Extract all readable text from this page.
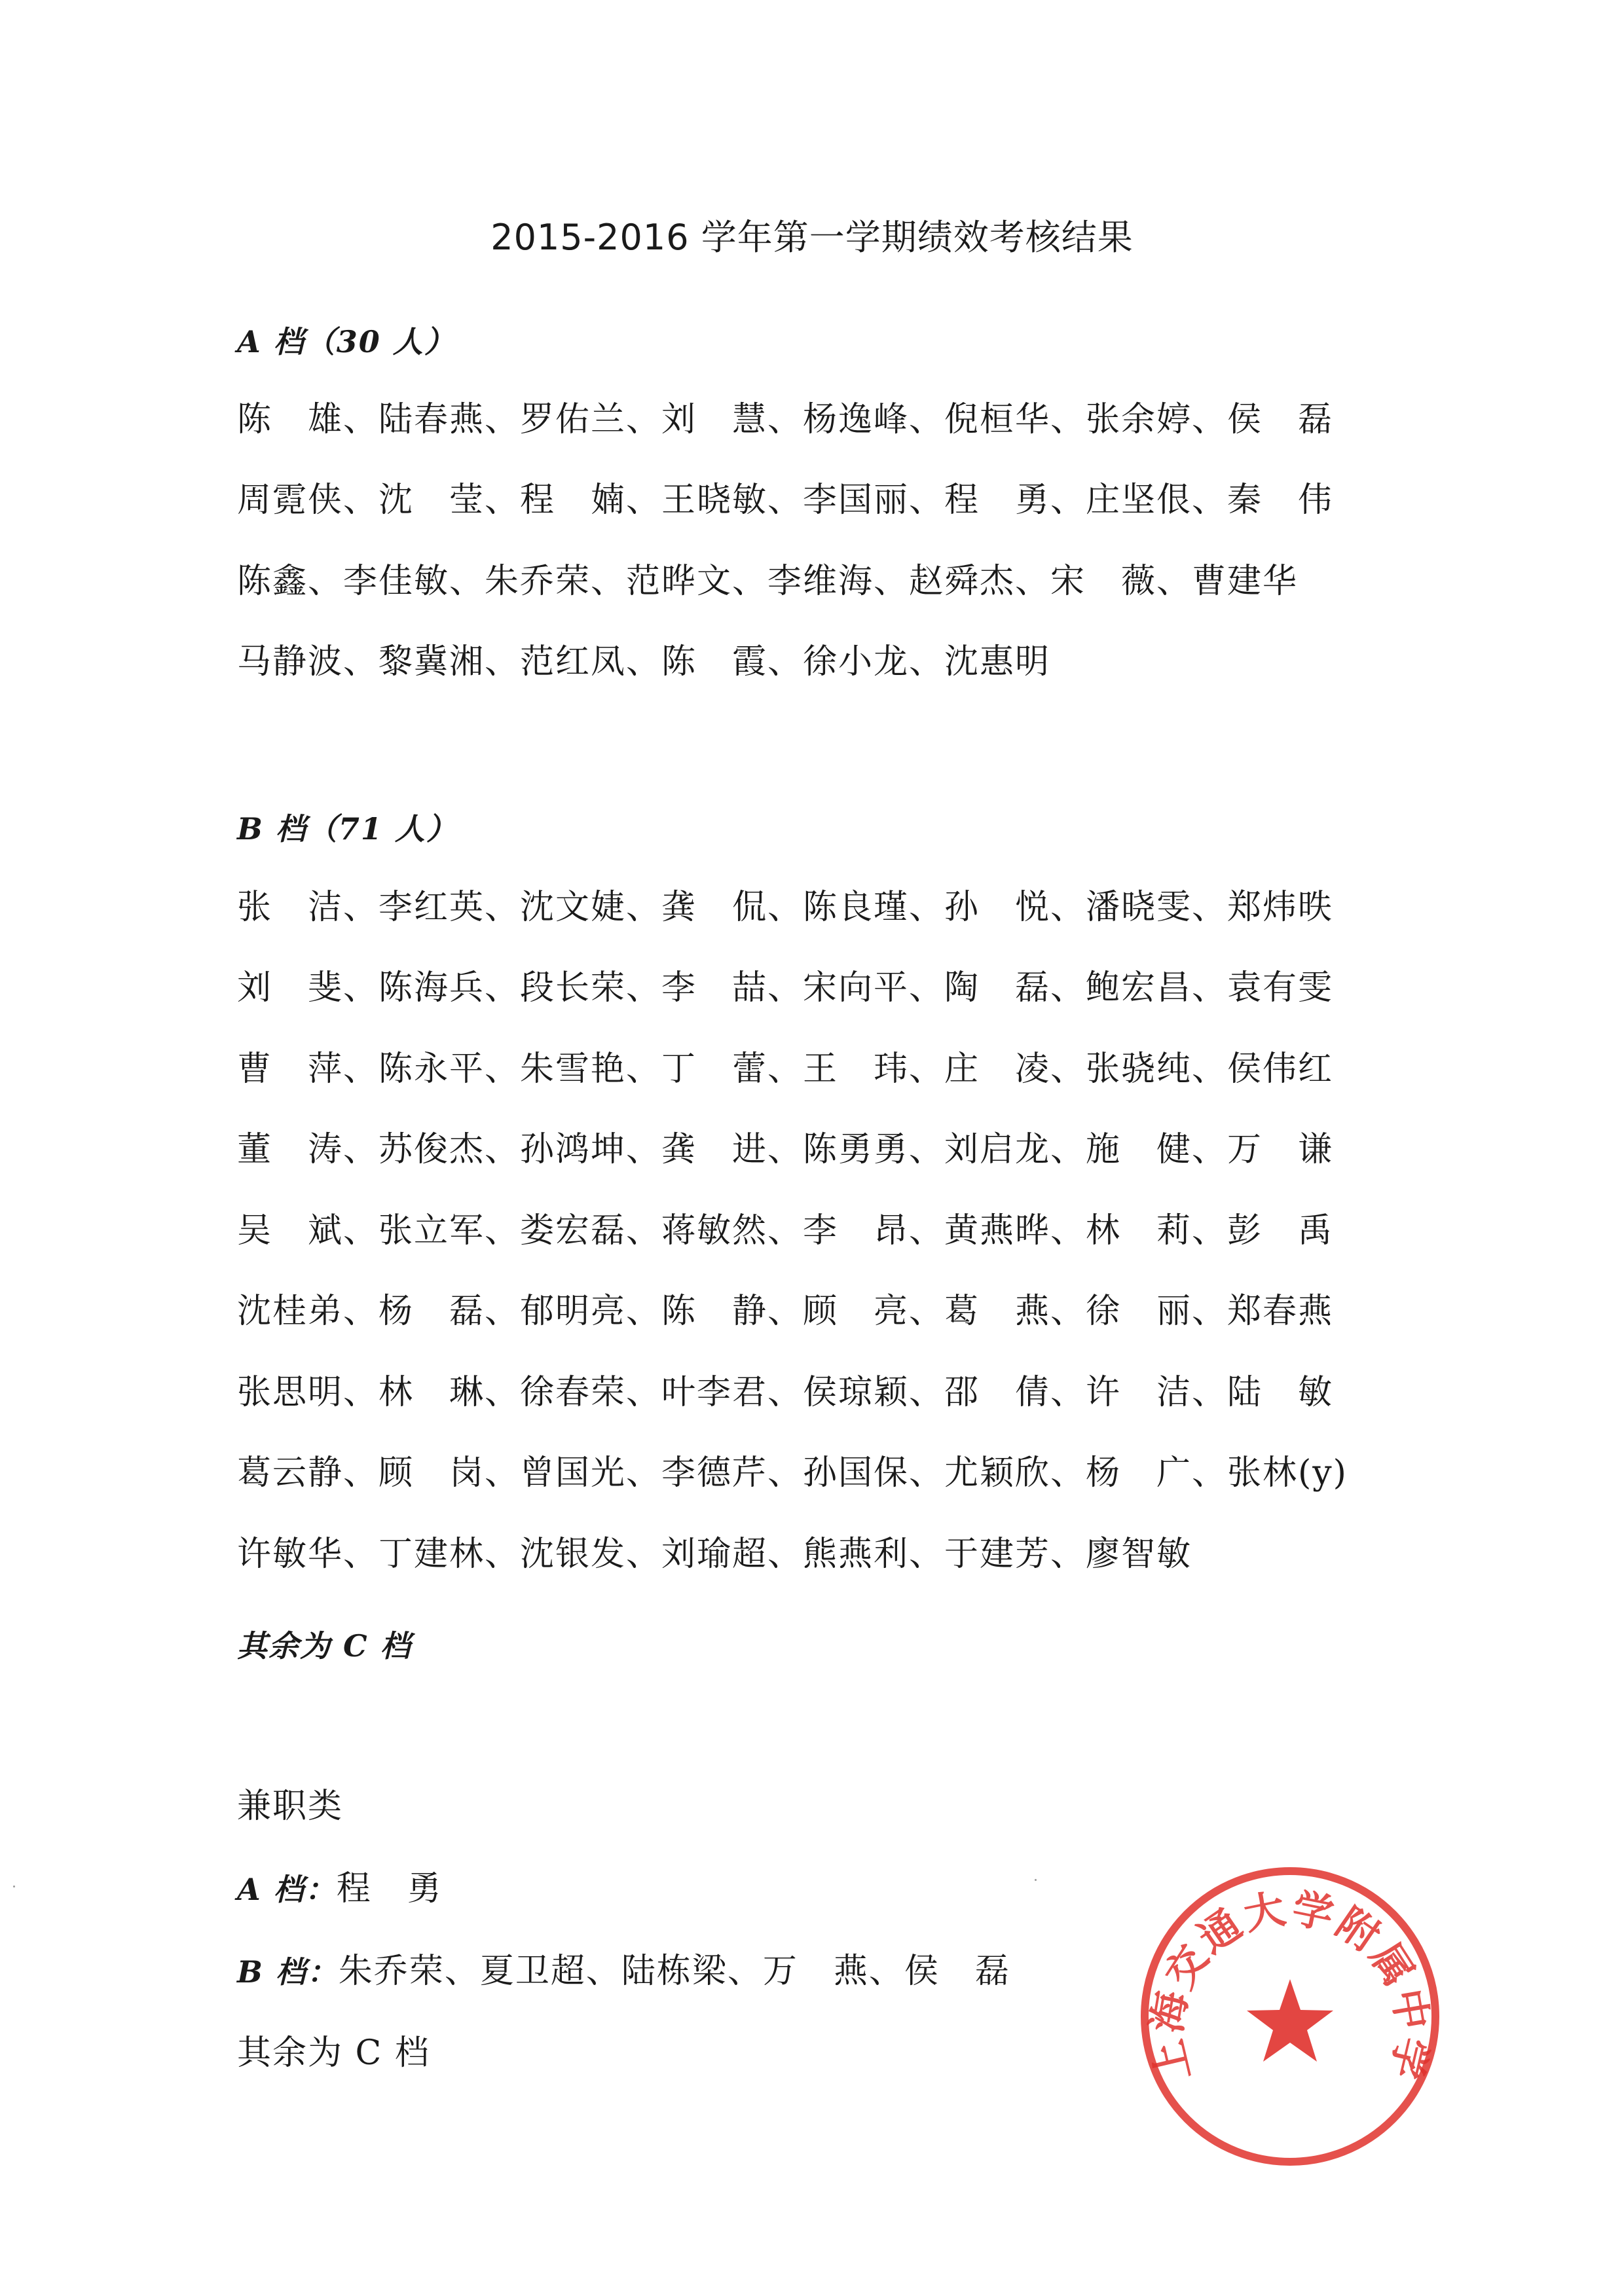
2015-2016 学年第一学期绩效考核结果
A 档（30 人）
陈　雄、陆春燕、罗佑兰、刘　慧、杨逸峰、倪桓华、张余婷、侯　磊
周霓侠、沈　莹、程　婻、王晓敏、李国丽、程　勇、庄坚佷、秦　伟
陈鑫、李佳敏、朱乔荣、范晔文、李维海、赵舜杰、宋　薇、曹建华
马静波、黎冀湘、范红凤、陈　霞、徐小龙、沈惠明
B 档（71 人）
张　洁、李红英、沈文婕、龚　侃、陈良瑾、孙　悦、潘晓雯、郑炜昳
刘　斐、陈海兵、段长荣、李　喆、宋向平、陶　磊、鲍宏昌、袁有雯
曹　萍、陈永平、朱雪艳、丁　蕾、王　玮、庄　凌、张骁纯、侯伟红
董　涛、苏俊杰、孙鸿坤、龚　进、陈勇勇、刘启龙、施　健、万　谦
吴　斌、张立军、娄宏磊、蒋敏然、李　昂、黄燕晔、林　莉、彭　禹
沈桂弟、杨　磊、郁明亮、陈　静、顾　亮、葛　燕、徐　丽、郑春燕
张思明、林　琳、徐春荣、叶李君、侯琼颖、邵　倩、许　洁、陆　敏
葛云静、顾　岗、曾国光、李德芹、孙国保、尤颖欣、杨　广、张林(y)
许敏华、丁建林、沈银发、刘瑜超、熊燕利、于建芳、廖智敏
其余为 C 档
兼职类
A 档：程　勇
B 档：朱乔荣、夏卫超、陆栋梁、万　燕、侯　磊
其余为 C 档	上海交通大学附属中学
